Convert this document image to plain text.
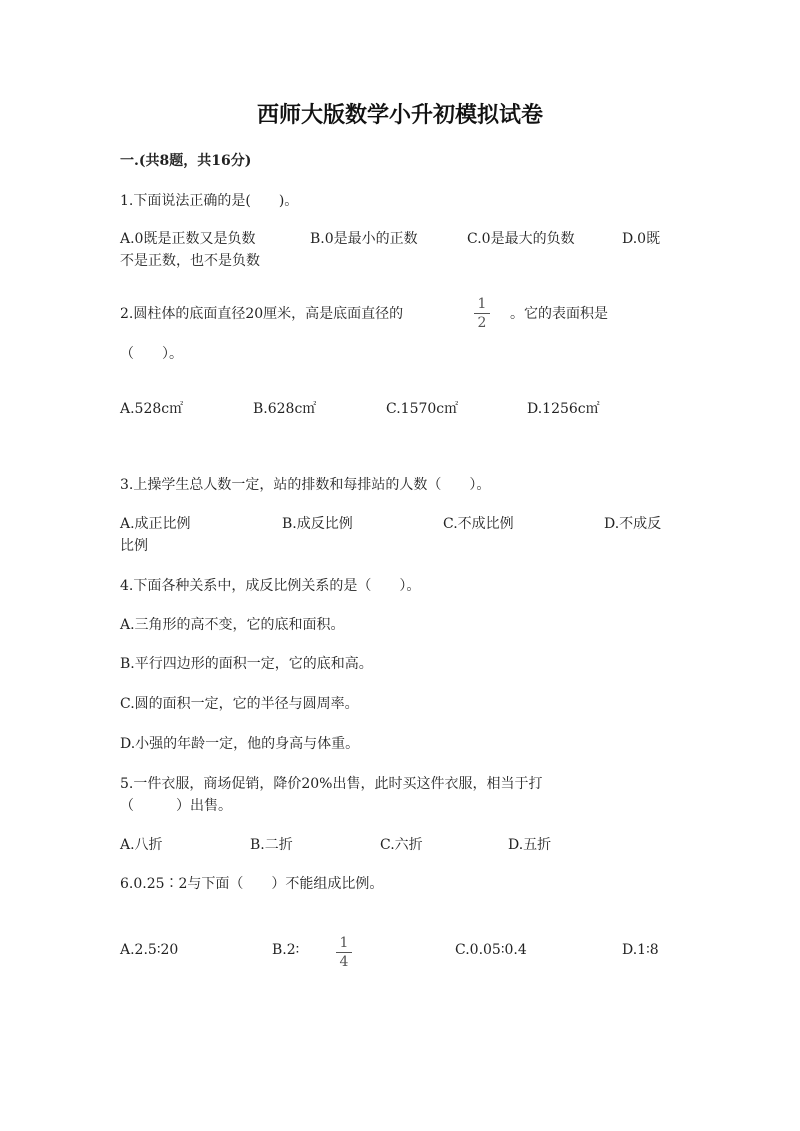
西师大版数学小升初模拟试卷
一.(共8题，共16分)
1.下面说法正确的是(　　)。
A.0既是正数又是负数	B.0是最小的正数	C.0是最大的负数	D.0既
不是正数，也不是负数
2.圆柱体的底面直径20厘米，高是底面直径的
1
2
。它的表面积是
（　　）。
A.528c㎡	B.628c㎡	C.1570c㎡	D.1256c㎡
3.上操学生总人数一定，站的排数和每排站的人数（　　）。
A.成正比例	B.成反比例	C.不成比例	D.不成反
比例
4.下面各种关系中，成反比例关系的是（　　）。
A.三角形的高不变，它的底和面积。
B.平行四边形的面积一定，它的底和高。
C.圆的面积一定，它的半径与圆周率。
D.小强的年龄一定，他的身高与体重。
5.一件衣服，商场促销，降价20%出售，此时买这件衣服，相当于打
（　　　）出售。
A.八折	B.二折	C.六折	D.五折
6.0.25∶2与下面（　　）不能组成比例。
A.2.5∶20	B.2∶	1
4
C.0.05∶0.4	D.1∶8
